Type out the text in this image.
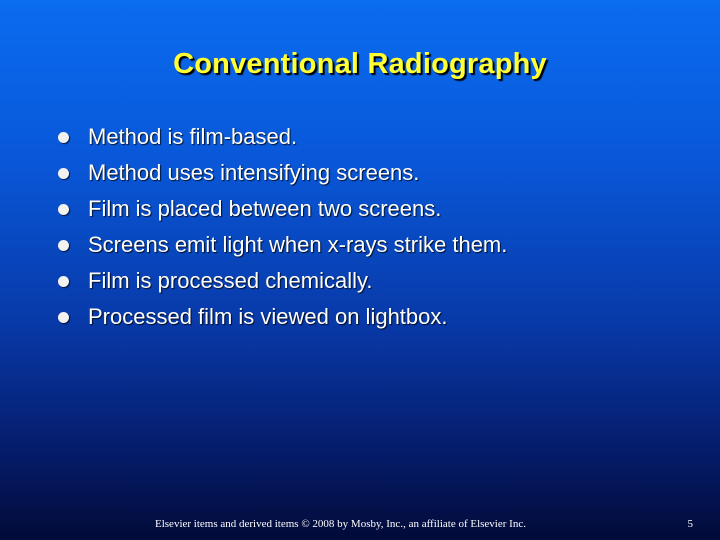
Conventional Radiography
Method is film-based.
Method uses intensifying screens.
Film is placed between two screens.
Screens emit light when x-rays strike them.
Film is processed chemically.
Processed film is viewed on lightbox.
Elsevier items and derived items © 2008 by Mosby, Inc., an affiliate of Elsevier Inc.	5
